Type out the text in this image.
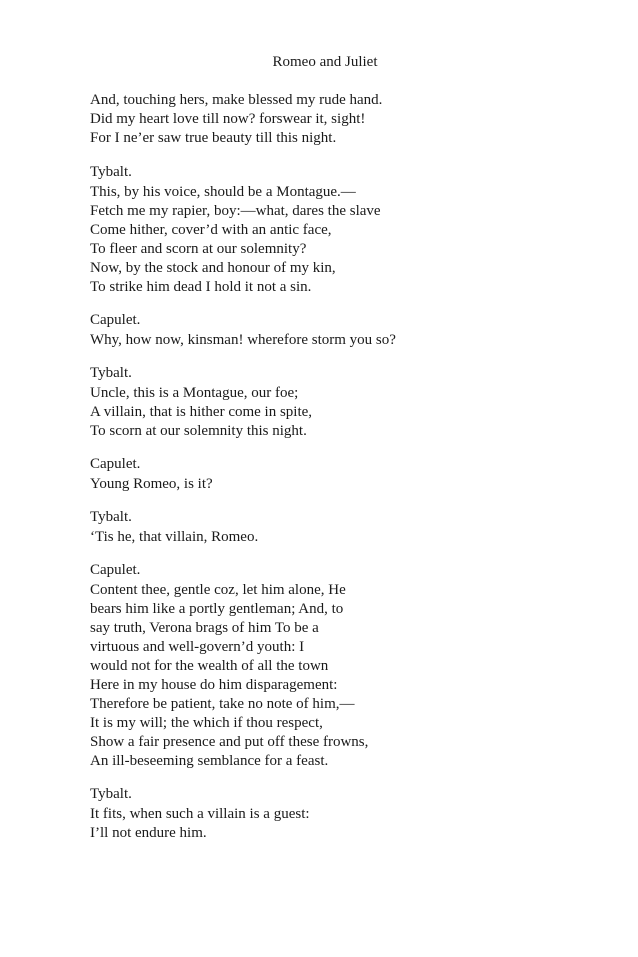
Romeo and Juliet
And, touching hers, make blessed my rude hand.
Did my heart love till now? forswear it, sight!
For I ne’er saw true beauty till this night.
Tybalt.
This, by his voice, should be a Montague.—
Fetch me my rapier, boy:—what, dares the slave
Come hither, cover’d with an antic face,
To fleer and scorn at our solemnity?
Now, by the stock and honour of my kin,
To strike him dead I hold it not a sin.
Capulet.
Why, how now, kinsman! wherefore storm you so?
Tybalt.
Uncle, this is a Montague, our foe;
A villain, that is hither come in spite,
To scorn at our solemnity this night.
Capulet.
Young Romeo, is it?
Tybalt.
‘Tis he, that villain, Romeo.
Capulet.
Content thee, gentle coz, let him alone, He
bears him like a portly gentleman; And, to
say truth, Verona brags of him To be a
virtuous and well-govern’d youth: I
would not for the wealth of all the town
Here in my house do him disparagement:
Therefore be patient, take no note of him,—
It is my will; the which if thou respect,
Show a fair presence and put off these frowns,
An ill-beseeming semblance for a feast.
Tybalt.
It fits, when such a villain is a guest:
I’ll not endure him.
